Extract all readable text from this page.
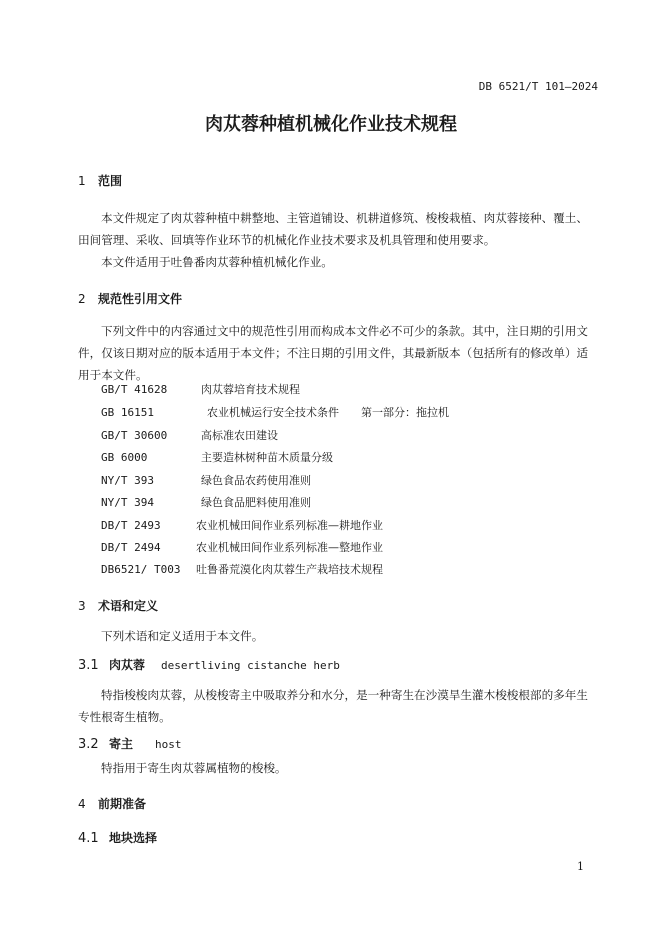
DB 6521/T 101—2024
肉苁蓉种植机械化作业技术规程
1 范围
本文件规定了肉苁蓉种植中耕整地、主管道铺设、机耕道修筑、梭梭栽植、肉苁蓉接种、覆土、田间管理、采收、回填等作业环节的机械化作业技术要求及机具管理和使用要求。
本文件适用于吐鲁番肉苁蓉种植机械化作业。
2 规范性引用文件
下列文件中的内容通过文中的规范性引用而构成本文件必不可少的条款。其中，注日期的引用文件，仅该日期对应的版本适用于本文件；不注日期的引用文件，其最新版本（包括所有的修改单）适用于本文件。
GB/T 41628	肉苁蓉培育技术规程
GB 16151	农业机械运行安全技术条件　　第一部分：拖拉机
GB/T 30600	高标准农田建设
GB 6000	主要造林树种苗木质量分级
NY/T 393	绿色食品农药使用准则
NY/T 394	绿色食品肥料使用准则
DB/T 2493	农业机械田间作业系列标准—耕地作业
DB/T 2494	农业机械田间作业系列标准—整地作业
DB6521/ T003 吐鲁番荒漠化肉苁蓉生产栽培技术规程
3 术语和定义
下列术语和定义适用于本文件。
3.1 肉苁蓉 desertliving cistanche herb
特指梭梭肉苁蓉，从梭梭寄主中吸取养分和水分，是一种寄生在沙漠旱生灌木梭梭根部的多年生专性根寄生植物。
3.2 寄主 host
特指用于寄生肉苁蓉属植物的梭梭。
4 前期准备
4.1 地块选择
1
